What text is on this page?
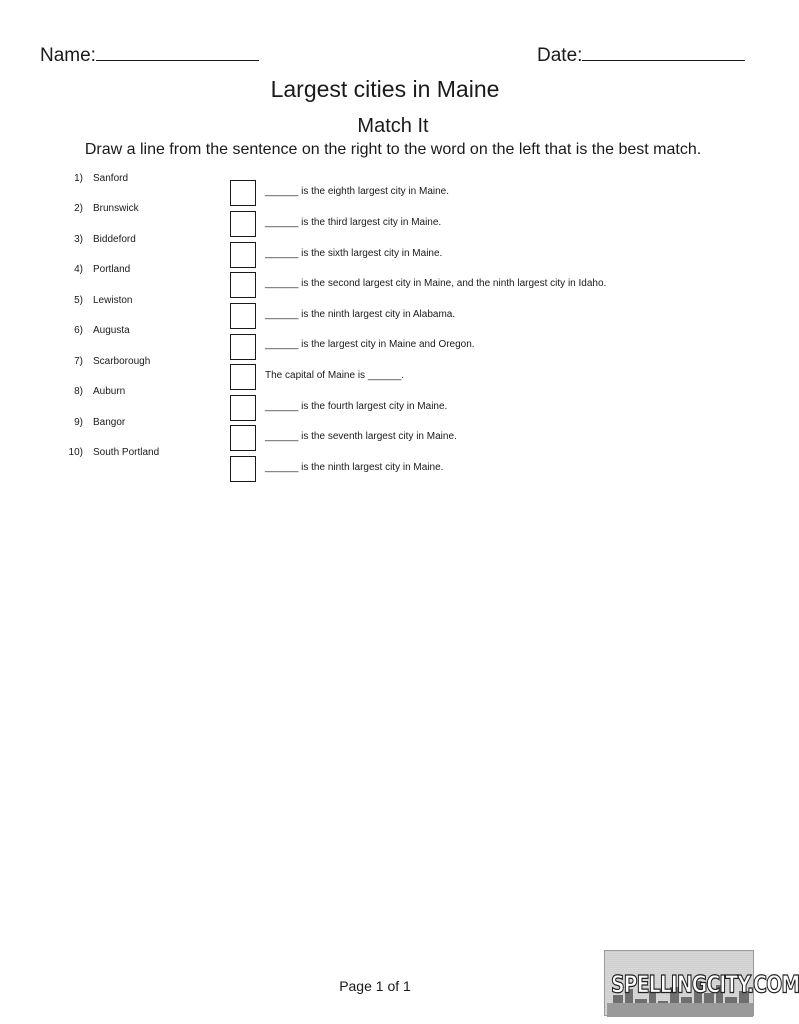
Name:	Date:
Largest cities in Maine
Match It
Draw a line from the sentence on the right to the word on the left that is the best match.
1) Sanford
2) Brunswick
3) Biddeford
4) Portland
5) Lewiston
6) Augusta
7) Scarborough
8) Auburn
9) Bangor
10) South Portland
______ is the eighth largest city in Maine.
______ is the third largest city in Maine.
______ is the sixth largest city in Maine.
______ is the second largest city in Maine, and the ninth largest city in Idaho.
______ is the ninth largest city in Alabama.
______ is the largest city in Maine and Oregon.
The capital of Maine is ______.
______ is the fourth largest city in Maine.
______ is the seventh largest city in Maine.
______ is the ninth largest city in Maine.
Page 1 of 1	SPELLINGCITY.COM
